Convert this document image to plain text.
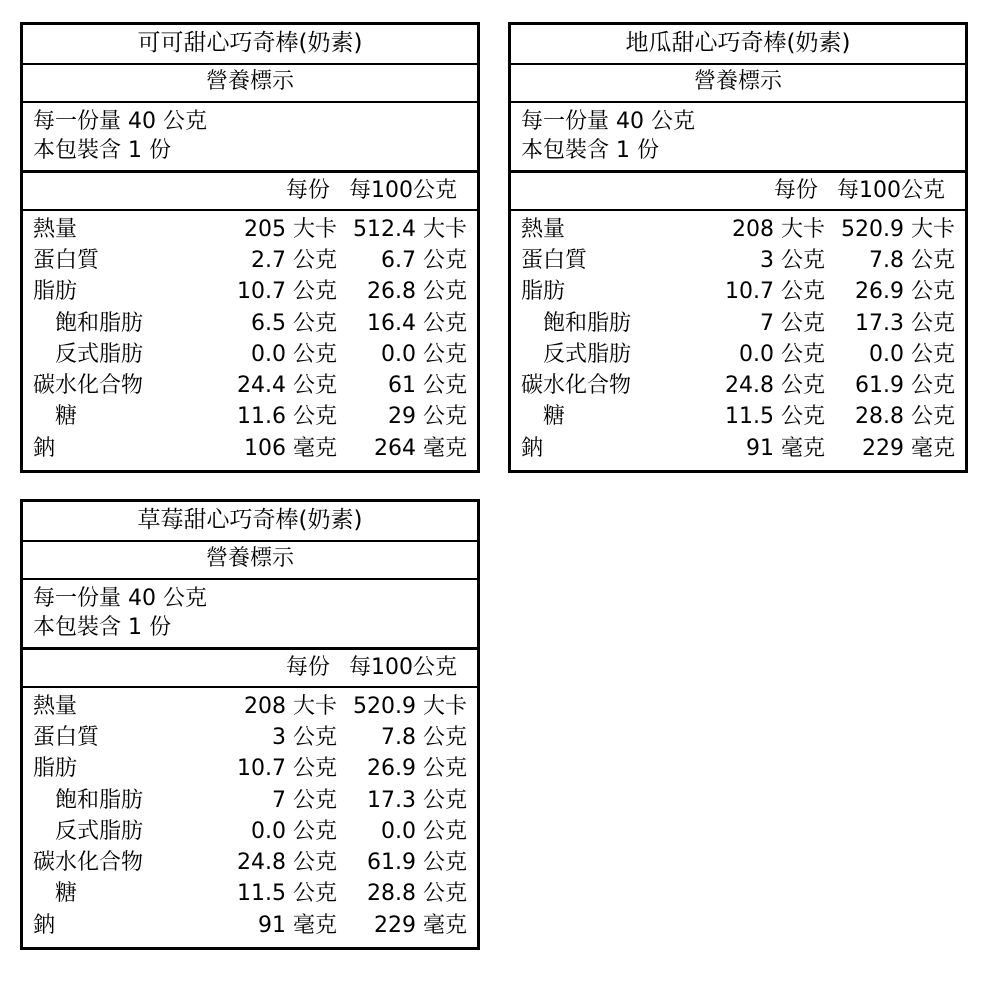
可可甜心巧奇棒(奶素)
營養標示
每一份量 40 公克
本包裝含 1 份
	每份	每100公克
熱量	205 大卡	512.4 大卡
蛋白質	2.7 公克	6.7 公克
脂肪	10.7 公克	26.8 公克
飽和脂肪	6.5 公克	16.4 公克
反式脂肪	0.0 公克	0.0 公克
碳水化合物	24.4 公克	61 公克
糖	11.6 公克	29 公克
鈉	106 毫克	264 毫克
地瓜甜心巧奇棒(奶素)
營養標示
每一份量 40 公克
本包裝含 1 份
	每份	每100公克
熱量	208 大卡	520.9 大卡
蛋白質	3 公克	7.8 公克
脂肪	10.7 公克	26.9 公克
飽和脂肪	7 公克	17.3 公克
反式脂肪	0.0 公克	0.0 公克
碳水化合物	24.8 公克	61.9 公克
糖	11.5 公克	28.8 公克
鈉	91 毫克	229 毫克
草莓甜心巧奇棒(奶素)
營養標示
每一份量 40 公克
本包裝含 1 份
	每份	每100公克
熱量	208 大卡	520.9 大卡
蛋白質	3 公克	7.8 公克
脂肪	10.7 公克	26.9 公克
飽和脂肪	7 公克	17.3 公克
反式脂肪	0.0 公克	0.0 公克
碳水化合物	24.8 公克	61.9 公克
糖	11.5 公克	28.8 公克
鈉	91 毫克	229 毫克
